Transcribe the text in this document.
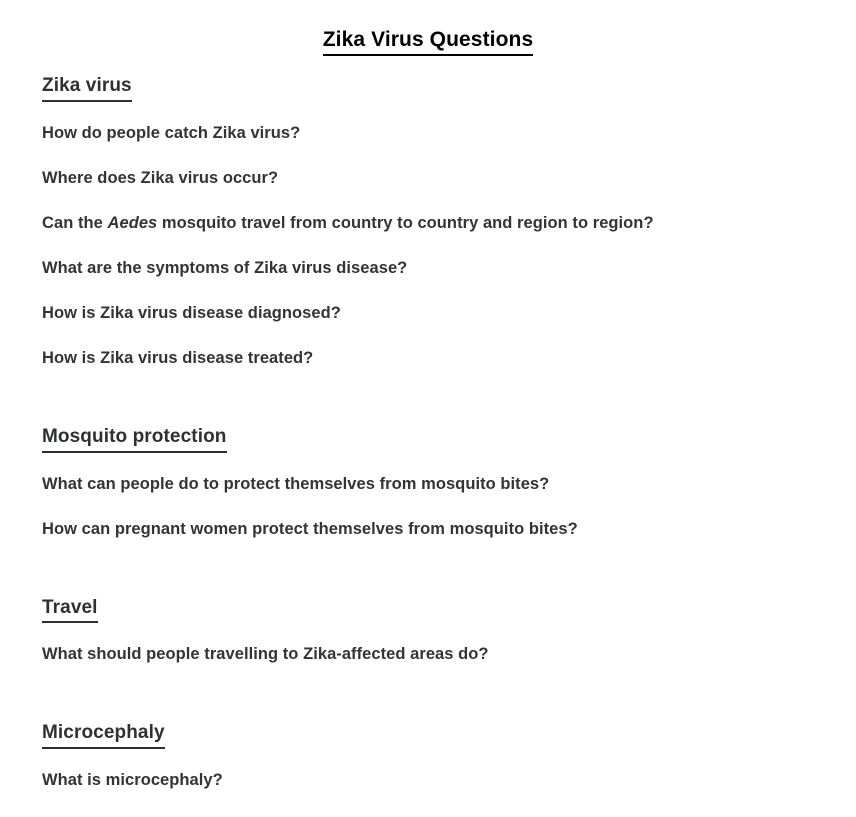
Zika Virus Questions
Zika virus
How do people catch Zika virus?
Where does Zika virus occur?
Can the Aedes mosquito travel from country to country and region to region?
What are the symptoms of Zika virus disease?
How is Zika virus disease diagnosed?
How is Zika virus disease treated?
Mosquito protection
What can people do to protect themselves from mosquito bites?
How can pregnant women protect themselves from mosquito bites?
Travel
What should people travelling to Zika-affected areas do?
Microcephaly
What is microcephaly?
